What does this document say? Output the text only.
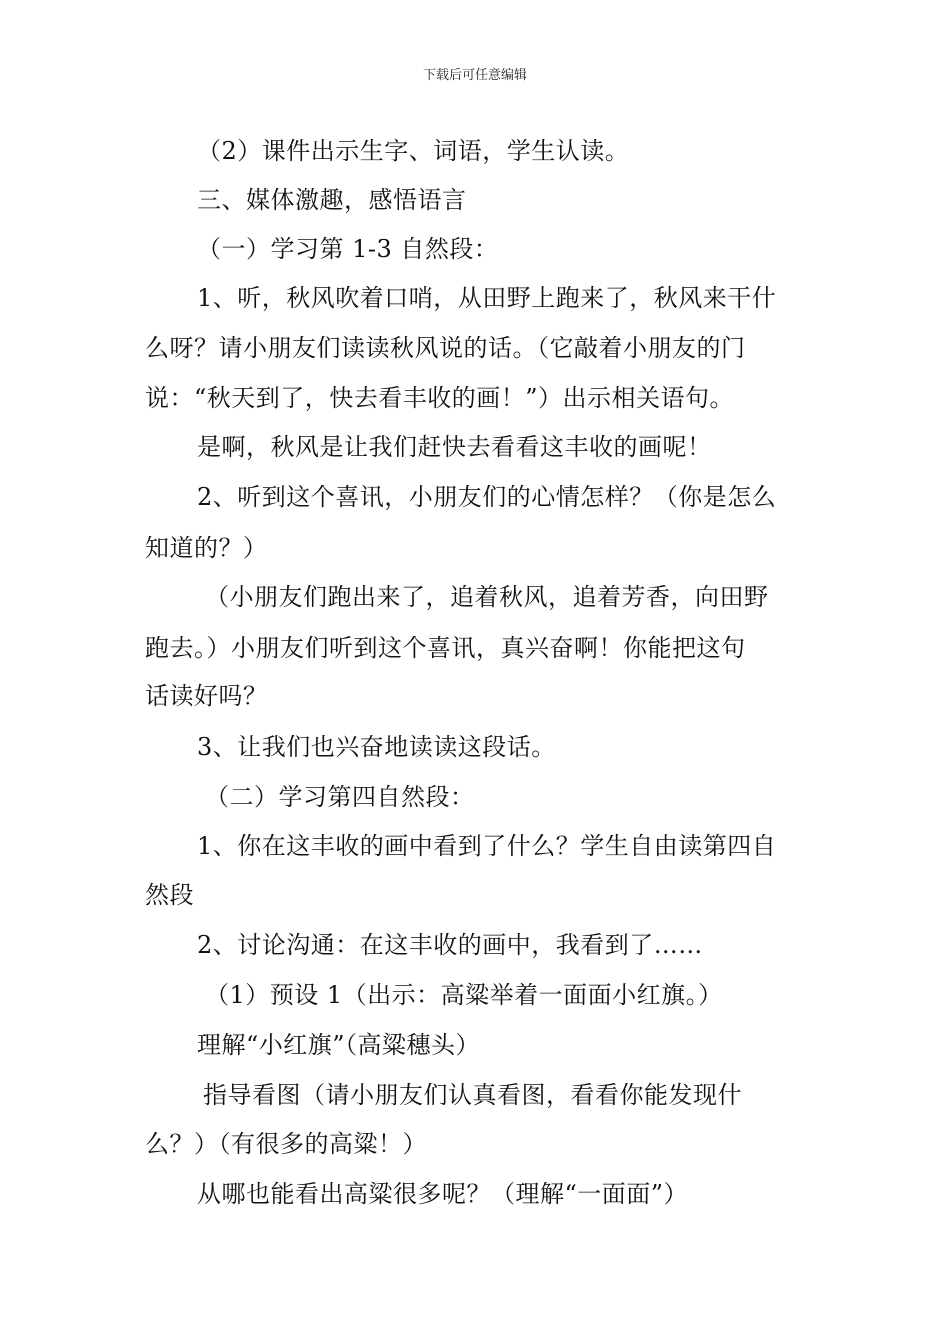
下载后可任意编辑
（2）课件出示生字、词语，学生认读。
三、媒体激趣，感悟语言
（一）学习第 1-3 自然段：
1、听，秋风吹着口哨，从田野上跑来了，秋风来干什
么呀？请小朋友们读读秋风说的话。（它敲着小朋友的门
说：“秋天到了，快去看丰收的画！”）出示相关语句。
是啊，秋风是让我们赶快去看看这丰收的画呢！
2、听到这个喜讯，小朋友们的心情怎样？（你是怎么
知道的？）
（小朋友们跑出来了，追着秋风，追着芳香，向田野
跑去。）小朋友们听到这个喜讯，真兴奋啊！你能把这句
话读好吗？
3、让我们也兴奋地读读这段话。
（二）学习第四自然段：
1、你在这丰收的画中看到了什么？学生自由读第四自
然段
2、讨论沟通：在这丰收的画中，我看到了……
（1）预设 1（出示：高粱举着一面面小红旗。）
理解“小红旗”（高粱穗头）
指导看图（请小朋友们认真看图，看看你能发现什
么？）（有很多的高粱！）
从哪也能看出高粱很多呢？（理解“一面面”）
